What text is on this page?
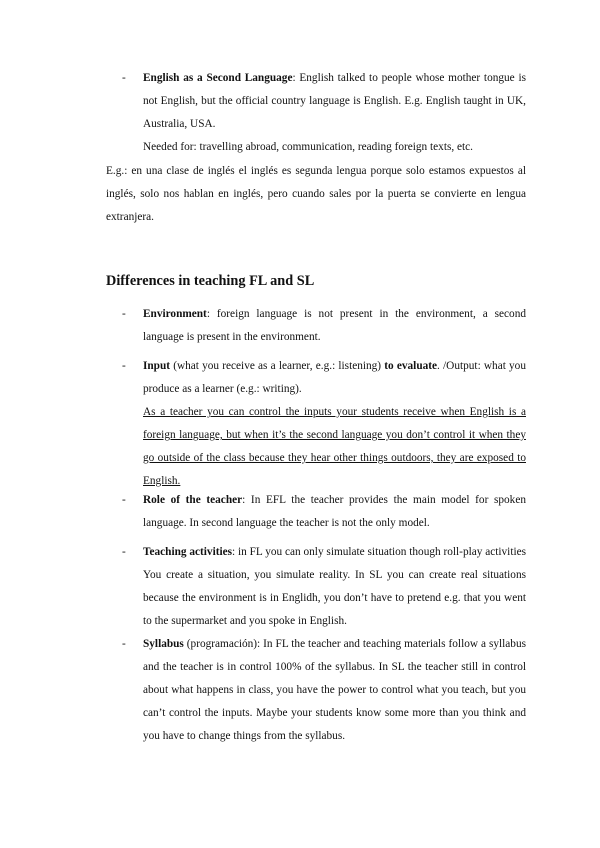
- English as a Second Language: English talked to people whose mother tongue is not English, but the official country language is English. E.g. English taught in UK, Australia, USA.

Needed for: travelling abroad, communication, reading foreign texts, etc.

E.g.: en una clase de inglés el inglés es segunda lengua porque solo estamos expuestos al inglés, solo nos hablan en inglés, pero cuando sales por la puerta se convierte en lengua extranjera.
Differences in teaching FL and SL
- Environment: foreign language is not present in the environment, a second language is present in the environment.

- Input (what you receive as a learner, e.g.: listening) to evaluate. /Output: what you produce as a learner (e.g.: writing).

As a teacher you can control the inputs your students receive when English is a foreign language, but when it’s the second language you don’t control it when they go outside of the class because they hear other things outdoors, they are exposed to English.

- Role of the teacher: In EFL the teacher provides the main model for spoken language. In second language the teacher is not the only model.

- Teaching activities: in FL you can only simulate situation though roll-play activities You create a situation, you simulate reality. In SL you can create real situations because the environment is in Englidh, you don’t have to pretend e.g. that you went to the supermarket and you spoke in English.

- Syllabus (programación): In FL the teacher and teaching materials follow a syllabus and the teacher is in control 100% of the syllabus. In SL the teacher still in control about what happens in class, you have the power to control what you teach, but you can’t control the inputs. Maybe your students know some more than you think and you have to change things from the syllabus.
